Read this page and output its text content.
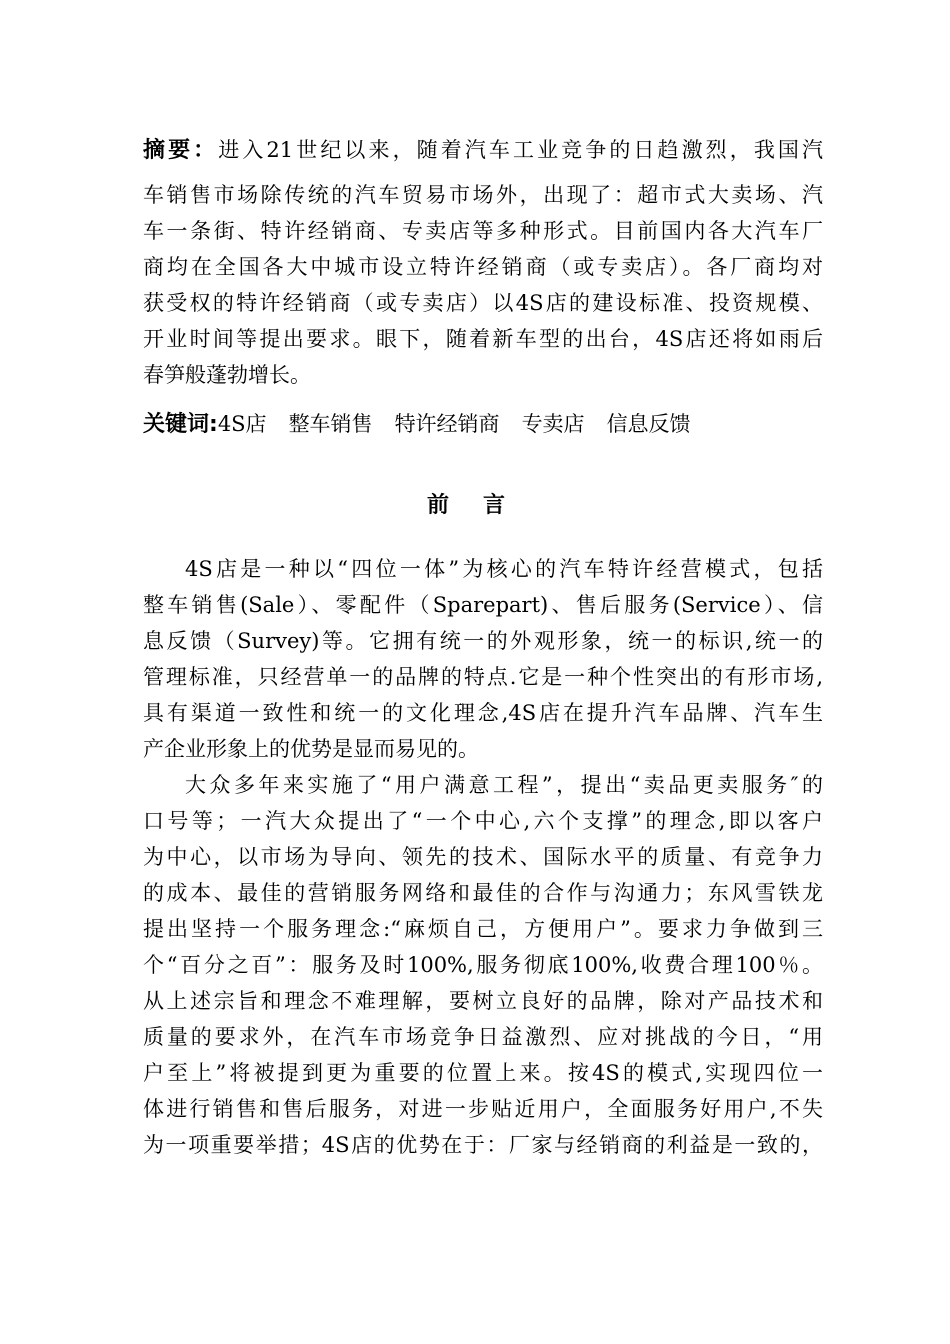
摘要：进入21世纪以来，随着汽车工业竞争的日趋激烈，我国汽
车销售市场除传统的汽车贸易市场外，出现了：超市式大卖场、汽
车一条街、特许经销商、专卖店等多种形式。目前国内各大汽车厂
商均在全国各大中城市设立特许经销商（或专卖店）。各厂商均对
获受权的特许经销商（或专卖店）以4S店的建设标准、投资规模、
开业时间等提出要求。眼下，随着新车型的出台，4S店还将如雨后
春笋般蓬勃增长。
关键词:4S店 整车销售 特许经销商 专卖店 信息反馈
前言
4S店是一种以“四位一体”为核心的汽车特许经营模式，包括
整车销售(Sale）、零配件（Sparepart)、售后服务(Service）、信
息反馈（Survey)等。它拥有统一的外观形象，统一的标识,统一的
管理标准，只经营单一的品牌的特点.它是一种个性突出的有形市场,
具有渠道一致性和统一的文化理念,4S店在提升汽车品牌、汽车生
产企业形象上的优势是显而易见的。
大众多年来实施了“用户满意工程”，提出“卖品更卖服务″的
口号等；一汽大众提出了“一个中心,六个支撑”的理念,即以客户
为中心，以市场为导向、领先的技术、国际水平的质量、有竞争力
的成本、最佳的营销服务网络和最佳的合作与沟通力；东风雪铁龙
提出坚持一个服务理念:“麻烦自己，方便用户”。要求力争做到三
个“百分之百”：服务及时100%,服务彻底100%,收费合理100％。
从上述宗旨和理念不难理解，要树立良好的品牌，除对产品技术和
质量的要求外，在汽车市场竞争日益激烈、应对挑战的今日，“用
户至上”将被提到更为重要的位置上来。按4S的模式,实现四位一
体进行销售和售后服务，对进一步贴近用户，全面服务好用户,不失
为一项重要举措；4S店的优势在于：厂家与经销商的利益是一致的，
